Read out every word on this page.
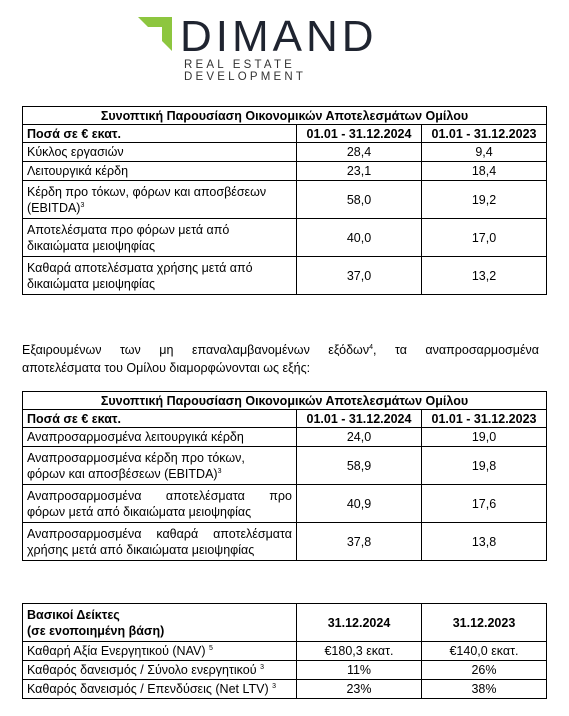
DIMAND
REAL ESTATE DEVELOPMENT
Συνοπτική Παρουσίαση Οικονομικών Αποτελεσμάτων Ομίλου		
Ποσά σε € εκατ.	01.01 - 31.12.2024	01.01 - 31.12.2023
Κύκλος εργασιών	28,4	9,4
Λειτουργικά κέρδη	23,1	18,4
Κέρδη προ τόκων, φόρων και αποσβέσεων
(EBITDA)$^3$	58,0	19,2
Αποτελέσματα προ φόρων μετά από
δικαιώματα μειοψηφίας	40,0	17,0
Καθαρά αποτελέσματα χρήσης μετά από
δικαιώματα μειοψηφίας	37,0	13,2
Εξαιρουμένων των μη επαναλαμβανομένων εξόδων$^4$, τα αναπροσαρμοσμένα
αποτελέσματα του Ομίλου διαμορφώνονται ως εξής:
Συνοπτική Παρουσίαση Οικονομικών Αποτελεσμάτων Ομίλου		
Ποσά σε € εκατ.	01.01 - 31.12.2024	01.01 - 31.12.2023
Αναπροσαρμοσμένα λειτουργικά κέρδη	24,0	19,0
Αναπροσαρμοσμένα κέρδη προ τόκων,
φόρων και αποσβέσεων (EBITDA)$^3$	58,9	19,8

Αναπροσαρμοσμένα αποτελέσματα προ
φόρων μετά από δικαιώματα μειοψηφίας	40,9	17,6

Αναπροσαρμοσμένα καθαρά αποτελέσματα
χρήσης μετά από δικαιώματα μειοψηφίας	37,8	13,8
Βασικοί Δείκτες
(σε ενοποιημένη βάση)	31.12.2024	31.12.2023
Καθαρή Αξία Ενεργητικού (NAV) $^5$	€180,3 εκατ.	€140,0 εκατ.
Καθαρός δανεισμός / Σύνολο ενεργητικού $^3$	11%	26%
Καθαρός δανεισμός / Επενδύσεις (Net LTV) $^3$	23%	38%
